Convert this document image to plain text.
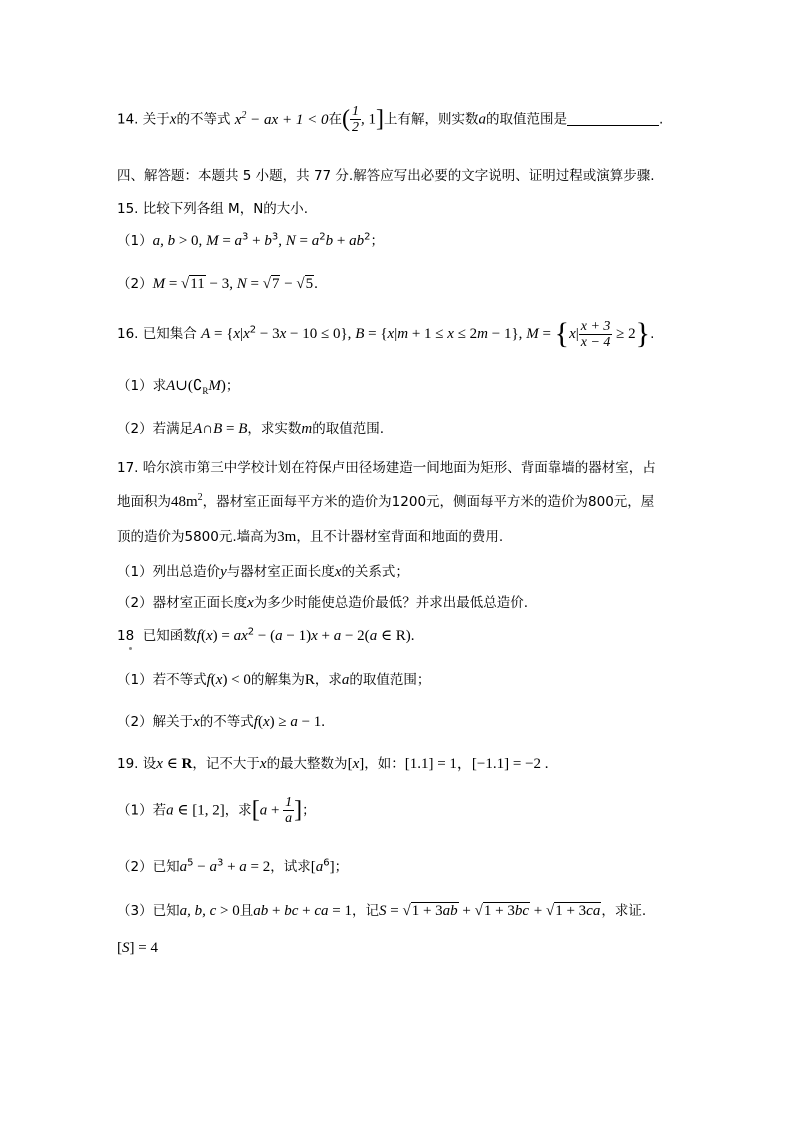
14. 关于x的不等式 $x^2$ − ax + 1 < 0在( $\frac{1}{2}$ , 1]上有解，则实数a的取值范围是	.
四、解答题：本题共 5 小题，共 77 分.解答应写出必要的文字说明、证明过程或演算步骤.
15. 比较下列各组 M，N的大小.
（1）a, b > 0, $M = a^3 + b^3$, $N = a^2b + ab^2$；
（2）M = √11 − 3, N = √7 − √5.
16. 已知集合 $A = \{x|x^2 - 3x - 10 \le 0\}$, B = {x|m + 1 ≤ x ≤ 2m − 1}, $M = \{x| \frac{x + 3}{x - 4} \ge 2\}$.
（1）求$A\cup(∁_RM)$；
（2）若满足A∩B = B，求实数m的取值范围.
17. 哈尔滨市第三中学校计划在符保卢田径场建造一间地面为矩形、背面靠墙的器材室，占
地面积为$48m^2$，器材室正面每平方米的造价为1200元，侧面每平方米的造价为800元，屋
顶的造价为5800元.墙高为3m，且不计器材室背面和地面的费用.
（1）列出总造价y与器材室正面长度x的关系式；
（2）器材室正面长度x为多少时能使总造价最低？并求出最低总造价.
18 已知函数$f(x) = ax^2 - (a - 1)x + a - 2(a$ ∈ R).
（1）若不等式f(x) < 0的解集为R，求a的取值范围；
（2）解关于x的不等式f(x) ≥ a − 1.
19. 设x ∈ R，记不大于x的最大整数为[x]，如：[1.1] = 1，[−1.1] = −2 .
（1）若a ∈ [1, 2]，求[$a + \frac{1}{a}$ ]；
（2）已知$a^5 - a^3 + a = 2$，试求$[a^6]$；
（3）已知a, b, c > 0且ab + bc + ca = 1，记S = √1 + 3ab + √1 + 3bc + √1 + 3ca，求证.
[S] = 4
